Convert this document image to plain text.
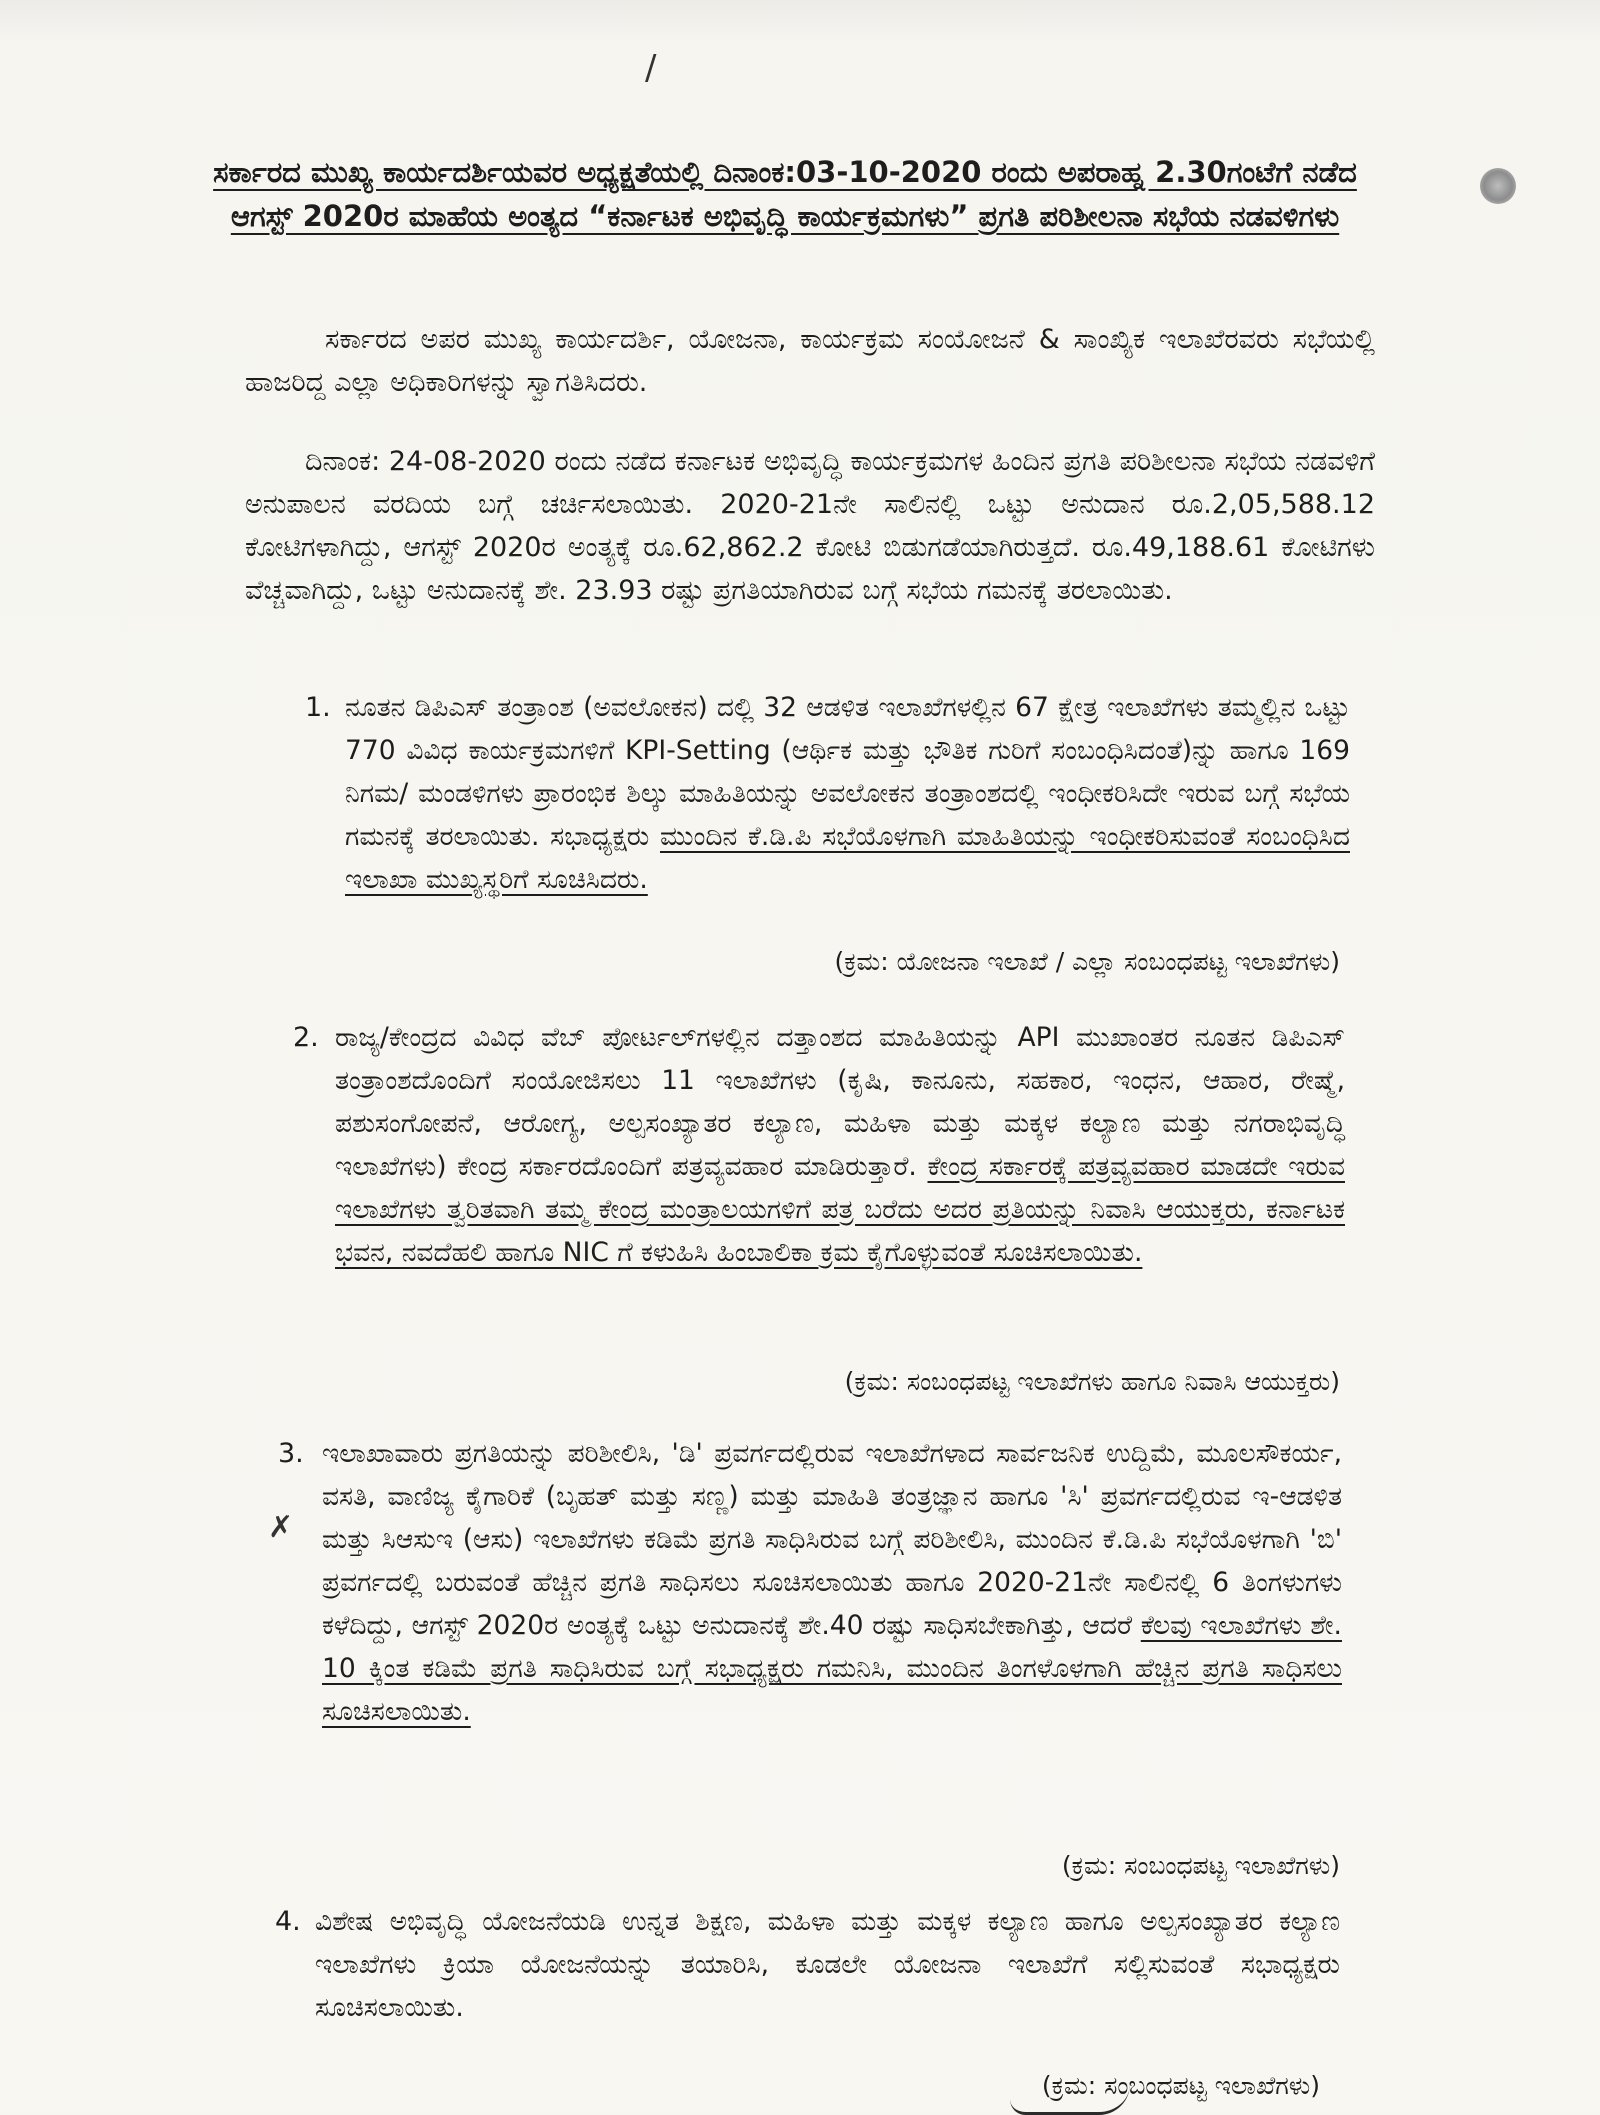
/
ಸರ್ಕಾರದ ಮುಖ್ಯ ಕಾರ್ಯದರ್ಶಿಯವರ ಅಧ್ಯಕ್ಷತೆಯಲ್ಲಿ ದಿನಾಂಕ:03-10-2020 ರಂದು ಅಪರಾಹ್ನ 2.30ಗಂಟೆಗೆ ನಡೆದ ಆಗಸ್ಟ್ 2020ರ ಮಾಹೆಯ ಅಂತ್ಯದ “ಕರ್ನಾಟಕ ಅಭಿವೃದ್ಧಿ ಕಾರ್ಯಕ್ರಮಗಳು” ಪ್ರಗತಿ ಪರಿಶೀಲನಾ ಸಭೆಯ ನಡವಳಿಗಳು
ಸರ್ಕಾರದ ಅಪರ ಮುಖ್ಯ ಕಾರ್ಯದರ್ಶಿ, ಯೋಜನಾ, ಕಾರ್ಯಕ್ರಮ ಸಂಯೋಜನೆ & ಸಾಂಖ್ಯಿಕ ಇಲಾಖೆರವರು ಸಭೆಯಲ್ಲಿ ಹಾಜರಿದ್ದ ಎಲ್ಲಾ ಅಧಿಕಾರಿಗಳನ್ನು ಸ್ವಾಗತಿಸಿದರು.
ದಿನಾಂಕ: 24-08-2020 ರಂದು ನಡೆದ ಕರ್ನಾಟಕ ಅಭಿವೃದ್ಧಿ ಕಾರ್ಯಕ್ರಮಗಳ ಹಿಂದಿನ ಪ್ರಗತಿ ಪರಿಶೀಲನಾ ಸಭೆಯ ನಡವಳಿಗೆ ಅನುಪಾಲನ ವರದಿಯ ಬಗ್ಗೆ ಚರ್ಚಿಸಲಾಯಿತು. 2020-21ನೇ ಸಾಲಿನಲ್ಲಿ ಒಟ್ಟು ಅನುದಾನ ರೂ.2,05,588.12 ಕೋಟಿಗಳಾಗಿದ್ದು, ಆಗಸ್ಟ್ 2020ರ ಅಂತ್ಯಕ್ಕೆ ರೂ.62,862.2 ಕೋಟಿ ಬಿಡುಗಡೆಯಾಗಿರುತ್ತದೆ. ರೂ.49,188.61 ಕೋಟಿಗಳು ವೆಚ್ಚವಾಗಿದ್ದು, ಒಟ್ಟು ಅನುದಾನಕ್ಕೆ ಶೇ. 23.93 ರಷ್ಟು ಪ್ರಗತಿಯಾಗಿರುವ ಬಗ್ಗೆ ಸಭೆಯ ಗಮನಕ್ಕೆ ತರಲಾಯಿತು.
1. ನೂತನ ಡಿಪಿಎಸ್ ತಂತ್ರಾಂಶ (ಅವಲೋಕನ) ದಲ್ಲಿ 32 ಆಡಳಿತ ಇಲಾಖೆಗಳಲ್ಲಿನ 67 ಕ್ಷೇತ್ರ ಇಲಾಖೆಗಳು ತಮ್ಮಲ್ಲಿನ ಒಟ್ಟು 770 ವಿವಿಧ ಕಾರ್ಯಕ್ರಮಗಳಿಗೆ KPI-Setting (ಆರ್ಥಿಕ ಮತ್ತು ಭೌತಿಕ ಗುರಿಗೆ ಸಂಬಂಧಿಸಿದಂತೆ)ನ್ನು ಹಾಗೂ 169 ನಿಗಮ/ ಮಂಡಳಿಗಳು ಪ್ರಾರಂಭಿಕ ಶಿಲ್ಕು ಮಾಹಿತಿಯನ್ನು ಅವಲೋಕನ ತಂತ್ರಾಂಶದಲ್ಲಿ ಇಂಧೀಕರಿಸಿದೇ ಇರುವ ಬಗ್ಗೆ ಸಭೆಯ ಗಮನಕ್ಕೆ ತರಲಾಯಿತು. ಸಭಾಧ್ಯಕ್ಷರು ಮುಂದಿನ ಕೆ.ಡಿ.ಪಿ ಸಭೆಯೊಳಗಾಗಿ ಮಾಹಿತಿಯನ್ನು ಇಂಧೀಕರಿಸುವಂತೆ ಸಂಬಂಧಿಸಿದ ಇಲಾಖಾ ಮುಖ್ಯಸ್ಥರಿಗೆ ಸೂಚಿಸಿದರು.
(ಕ್ರಮ: ಯೋಜನಾ ಇಲಾಖೆ / ಎಲ್ಲಾ ಸಂಬಂಧಪಟ್ಟ ಇಲಾಖೆಗಳು)
2. ರಾಜ್ಯ/ಕೇಂದ್ರದ ವಿವಿಧ ವೆಬ್ ಪೋರ್ಟಲ್‌ಗಳಲ್ಲಿನ ದತ್ತಾಂಶದ ಮಾಹಿತಿಯನ್ನು API ಮುಖಾಂತರ ನೂತನ ಡಿಪಿಎಸ್ ತಂತ್ರಾಂಶದೊಂದಿಗೆ ಸಂಯೋಜಿಸಲು 11 ಇಲಾಖೆಗಳು (ಕೃಷಿ, ಕಾನೂನು, ಸಹಕಾರ, ಇಂಧನ, ಆಹಾರ, ರೇಷ್ಮೆ, ಪಶುಸಂಗೋಪನೆ, ಆರೋಗ್ಯ, ಅಲ್ಪಸಂಖ್ಯಾತರ ಕಲ್ಯಾಣ, ಮಹಿಳಾ ಮತ್ತು ಮಕ್ಕಳ ಕಲ್ಯಾಣ ಮತ್ತು ನಗರಾಭಿವೃದ್ಧಿ ಇಲಾಖೆಗಳು) ಕೇಂದ್ರ ಸರ್ಕಾರದೊಂದಿಗೆ ಪತ್ರವ್ಯವಹಾರ ಮಾಡಿರುತ್ತಾರೆ. ಕೇಂದ್ರ ಸರ್ಕಾರಕ್ಕೆ ಪತ್ರವ್ಯವಹಾರ ಮಾಡದೇ ಇರುವ ಇಲಾಖೆಗಳು ತ್ವರಿತವಾಗಿ ತಮ್ಮ ಕೇಂದ್ರ ಮಂತ್ರಾಲಯಗಳಿಗೆ ಪತ್ರ ಬರೆದು ಅದರ ಪ್ರತಿಯನ್ನು ನಿವಾಸಿ ಆಯುಕ್ತರು, ಕರ್ನಾಟಕ ಭವನ, ನವದೆಹಲಿ ಹಾಗೂ NIC ಗೆ ಕಳುಹಿಸಿ ಹಿಂಬಾಲಿಕಾ ಕ್ರಮ ಕೈಗೊಳ್ಳುವಂತೆ ಸೂಚಿಸಲಾಯಿತು.
(ಕ್ರಮ: ಸಂಬಂಧಪಟ್ಟ ಇಲಾಖೆಗಳು ಹಾಗೂ ನಿವಾಸಿ ಆಯುಕ್ತರು)
✗
3. ಇಲಾಖಾವಾರು ಪ್ರಗತಿಯನ್ನು ಪರಿಶೀಲಿಸಿ, 'ಡಿ' ಪ್ರವರ್ಗದಲ್ಲಿರುವ ಇಲಾಖೆಗಳಾದ ಸಾರ್ವಜನಿಕ ಉದ್ದಿಮೆ, ಮೂಲಸೌಕರ್ಯ, ವಸತಿ, ವಾಣಿಜ್ಯ ಕೈಗಾರಿಕೆ (ಬೃಹತ್ ಮತ್ತು ಸಣ್ಣ) ಮತ್ತು ಮಾಹಿತಿ ತಂತ್ರಜ್ಞಾನ ಹಾಗೂ 'ಸಿ' ಪ್ರವರ್ಗದಲ್ಲಿರುವ ಇ-ಆಡಳಿತ ಮತ್ತು ಸಿಆಸುಇ (ಆಸು) ಇಲಾಖೆಗಳು ಕಡಿಮೆ ಪ್ರಗತಿ ಸಾಧಿಸಿರುವ ಬಗ್ಗೆ ಪರಿಶೀಲಿಸಿ, ಮುಂದಿನ ಕೆ.ಡಿ.ಪಿ ಸಭೆಯೊಳಗಾಗಿ 'ಬಿ' ಪ್ರವರ್ಗದಲ್ಲಿ ಬರುವಂತೆ ಹೆಚ್ಚಿನ ಪ್ರಗತಿ ಸಾಧಿಸಲು ಸೂಚಿಸಲಾಯಿತು ಹಾಗೂ 2020-21ನೇ ಸಾಲಿನಲ್ಲಿ 6 ತಿಂಗಳುಗಳು ಕಳೆದಿದ್ದು, ಆಗಸ್ಟ್ 2020ರ ಅಂತ್ಯಕ್ಕೆ ಒಟ್ಟು ಅನುದಾನಕ್ಕೆ ಶೇ.40 ರಷ್ಟು ಸಾಧಿಸಬೇಕಾಗಿತ್ತು, ಆದರೆ ಕೆಲವು ಇಲಾಖೆಗಳು ಶೇ. 10 ಕ್ಕಿಂತ ಕಡಿಮೆ ಪ್ರಗತಿ ಸಾಧಿಸಿರುವ ಬಗ್ಗೆ ಸಭಾಧ್ಯಕ್ಷರು ಗಮನಿಸಿ, ಮುಂದಿನ ತಿಂಗಳೊಳಗಾಗಿ ಹೆಚ್ಚಿನ ಪ್ರಗತಿ ಸಾಧಿಸಲು ಸೂಚಿಸಲಾಯಿತು.
(ಕ್ರಮ: ಸಂಬಂಧಪಟ್ಟ ಇಲಾಖೆಗಳು)
4. ವಿಶೇಷ ಅಭಿವೃದ್ಧಿ ಯೋಜನೆಯಡಿ ಉನ್ನತ ಶಿಕ್ಷಣ, ಮಹಿಳಾ ಮತ್ತು ಮಕ್ಕಳ ಕಲ್ಯಾಣ ಹಾಗೂ ಅಲ್ಪಸಂಖ್ಯಾತರ ಕಲ್ಯಾಣ ಇಲಾಖೆಗಳು ಕ್ರಿಯಾ ಯೋಜನೆಯನ್ನು ತಯಾರಿಸಿ, ಕೂಡಲೇ ಯೋಜನಾ ಇಲಾಖೆಗೆ ಸಲ್ಲಿಸುವಂತೆ ಸಭಾಧ್ಯಕ್ಷರು ಸೂಚಿಸಲಾಯಿತು.
(ಕ್ರಮ: ಸಂಬಂಧಪಟ್ಟ ಇಲಾಖೆಗಳು)
